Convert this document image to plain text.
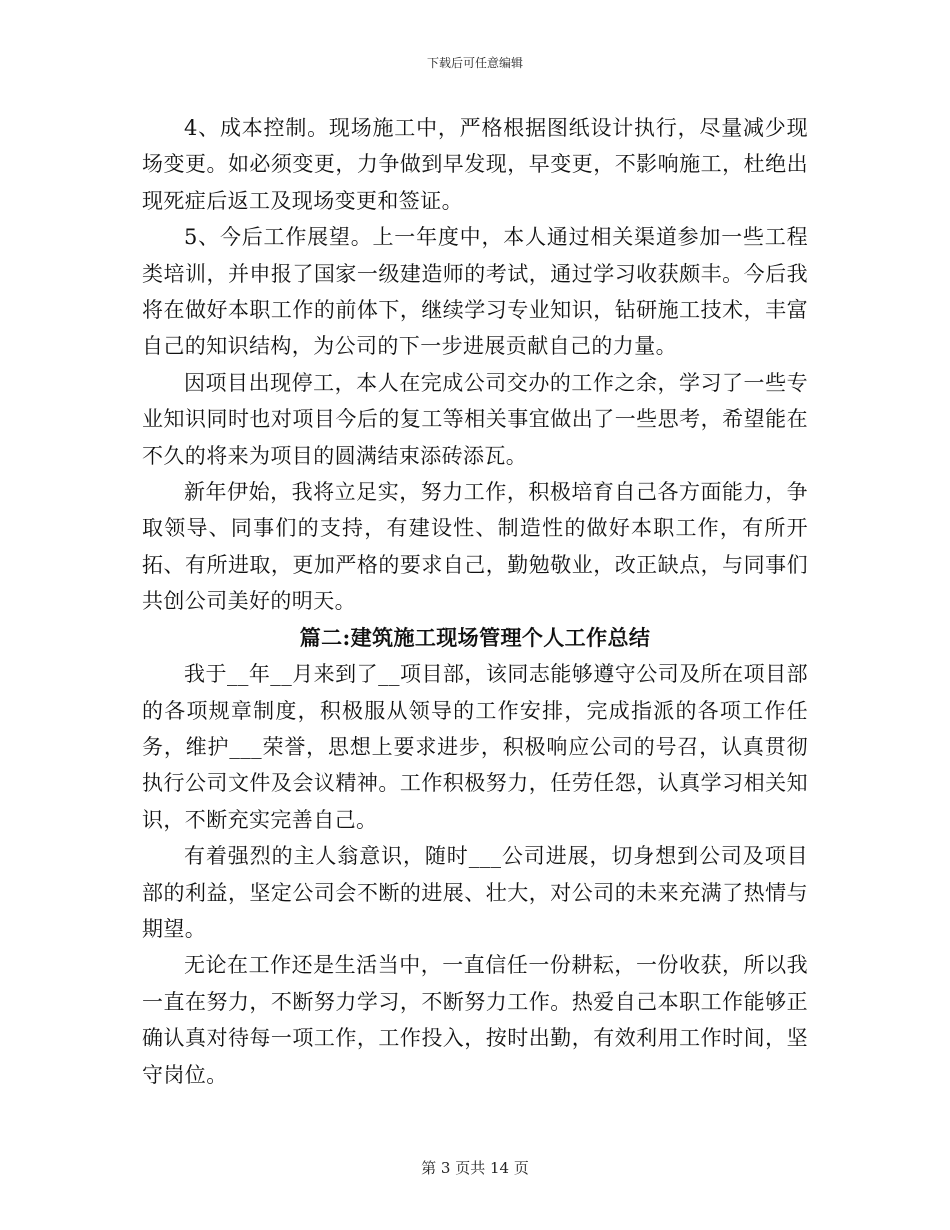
下载后可任意编辑

4、成本控制。现场施工中，严格根据图纸设计执行，尽量减少现场变更。如必须变更，力争做到早发现，早变更，不影响施工，杜绝出现死症后返工及现场变更和签证。

5、今后工作展望。上一年度中，本人通过相关渠道参加一些工程类培训，并申报了国家一级建造师的考试，通过学习收获颇丰。今后我将在做好本职工作的前体下，继续学习专业知识，钻研施工技术，丰富自己的知识结构，为公司的下一步进展贡献自己的力量。

因项目出现停工，本人在完成公司交办的工作之余，学习了一些专业知识同时也对项目今后的复工等相关事宜做出了一些思考，希望能在不久的将来为项目的圆满结束添砖添瓦。

新年伊始，我将立足实，努力工作，积极培育自己各方面能力，争取领导、同事们的支持，有建设性、制造性的做好本职工作，有所开拓、有所进取，更加严格的要求自己，勤勉敬业，改正缺点，与同事们共创公司美好的明天。

篇二:建筑施工现场管理个人工作总结

我于__年__月来到了__项目部，该同志能够遵守公司及所在项目部的各项规章制度，积极服从领导的工作安排，完成指派的各项工作任务，维护___荣誉，思想上要求进步，积极响应公司的号召，认真贯彻执行公司文件及会议精神。工作积极努力，任劳任怨，认真学习相关知识，不断充实完善自己。

有着强烈的主人翁意识，随时___公司进展，切身想到公司及项目部的利益，坚定公司会不断的进展、壮大，对公司的未来充满了热情与期望。

无论在工作还是生活当中，一直信任一份耕耘，一份收获，所以我一直在努力，不断努力学习，不断努力工作。热爱自己本职工作能够正确认真对待每一项工作，工作投入，按时出勤，有效利用工作时间，坚守岗位。

第 3 页共 14 页
